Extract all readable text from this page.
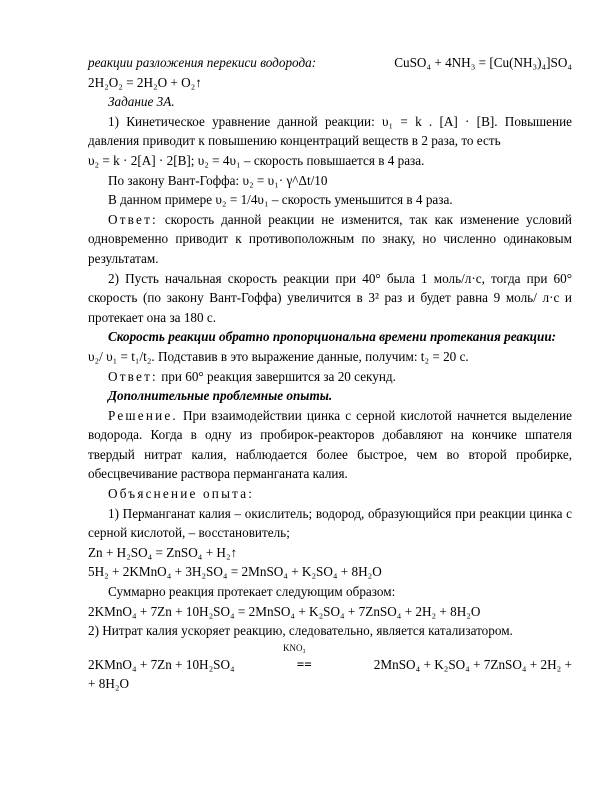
реакции разложения перекиси водорода:	CuSO₄ + 4NH₃ = [Cu(NH₃)₄]SO₄

2H₂O₂ = 2H₂O + O₂↑

Задание 3А.

1) Кинетическое уравнение данной реакции: υ₁ = k . [A] · [B]. Повышение давления приводит к повышению концентраций веществ в 2 раза, то есть

υ₂ = k · 2[A] · 2[B]; υ₂ = 4υ₁ – скорость повышается в 4 раза.

По закону Вант-Гоффа: υ₂ = υ₁· γ^Δt/10

В данном примере υ₂ = 1/4υ₁ – скорость уменьшится в 4 раза.

Ответ: скорость данной реакции не изменится, так как изменение условий одновременно приводит к противоположным по знаку, но численно одинаковым результатам.

2) Пусть начальная скорость реакции при 40° была 1 моль/л·с, тогда при 60° скорость (по закону Вант-Гоффа) увеличится в 3² раз и будет равна 9 моль/ л·с и протекает она за 180 с.

Скорость реакции обратно пропорциональна времени протекания реакции:

υ₂/ υ₁ = t₁/t₂. Подставив в это выражение данные, получим: t₂ = 20 с.

Ответ: при 60° реакция завершится за 20 секунд.

Дополнительные проблемные опыты.

Решение. При взаимодействии цинка с серной кислотой начнется выделение водорода. Когда в одну из пробирок-реакторов добавляют на кончике шпателя твердый нитрат калия, наблюдается более быстрое, чем во второй пробирке, обесцвечивание раствора перманганата калия.

Объяснение опыта:

1) Перманганат калия – окислитель; водород, образующийся при реакции цинка с серной кислотой, – восстановитель;

Zn + H₂SO₄ = ZnSO₄ + H₂↑

5H₂ + 2KMnO₄ + 3H₂SO₄ = 2MnSO₄ + K₂SO₄ + 8H₂O

Суммарно реакция протекает следующим образом:

2KMnO₄ + 7Zn + 10H₂SO₄ = 2MnSO₄ + K₂SO₄ + 7ZnSO₄ + 2H₂ + 8H₂O

2) Нитрат калия ускоряет реакцию, следовательно, является катализатором.

KNO₃

2KMnO₄ + 7Zn + 10H₂SO₄	==	2MnSO₄ + K₂SO₄ + 7ZnSO₄ + 2H₂ +

+ 8H₂O
